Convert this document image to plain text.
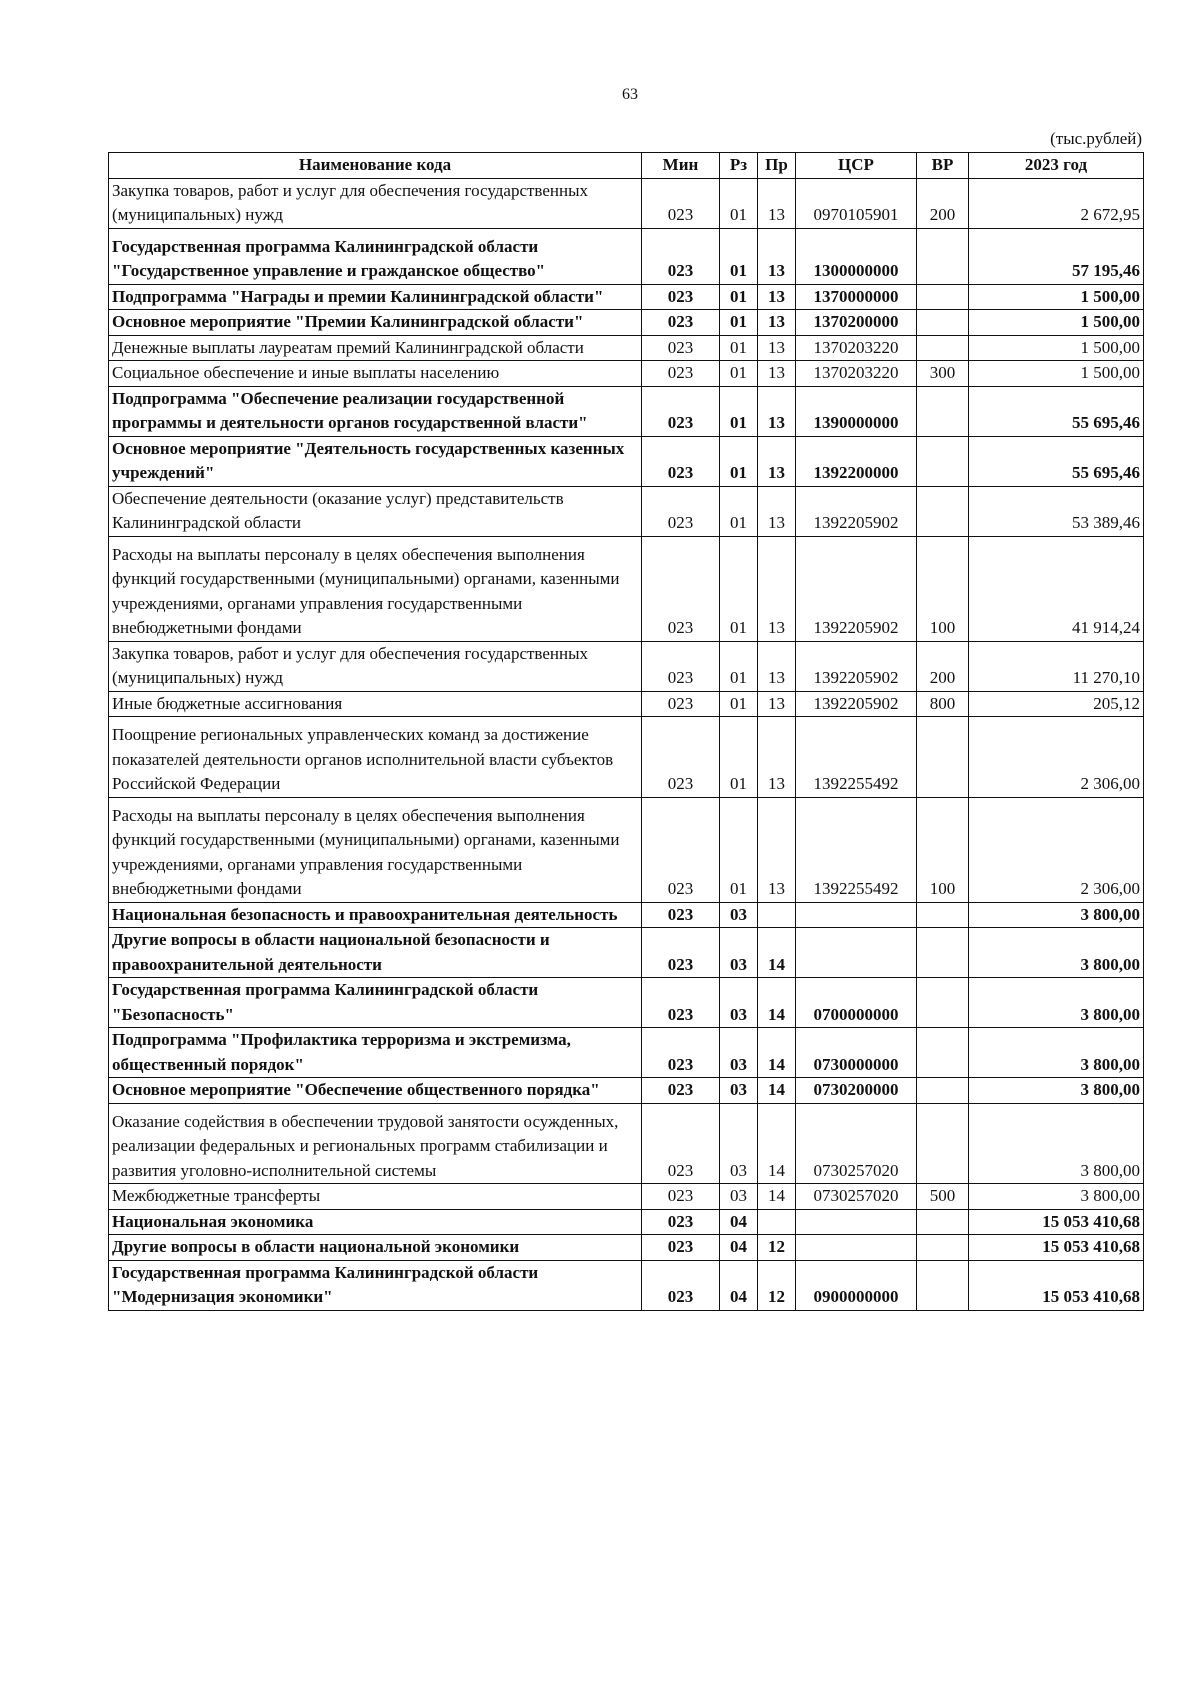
63
(тыс.рублей)
Наименование кода	Мин	Рз	Пр	ЦСР	ВР	2023 год
Закупка товаров, работ и услуг для обеспечения государственных (муниципальных) нужд	023	01	13	0970105901	200	2 672,95
Государственная программа Калининградской области "Государственное управление и гражданское общество"	023	01	13	1300000000		57 195,46
Подпрограмма "Награды и премии Калининградской области"	023	01	13	1370000000		1 500,00
Основное мероприятие "Премии Калининградской области"	023	01	13	1370200000		1 500,00
Денежные выплаты лауреатам премий Калининградской области	023	01	13	1370203220		1 500,00
Социальное обеспечение и иные выплаты населению	023	01	13	1370203220	300	1 500,00
Подпрограмма "Обеспечение реализации государственной программы и деятельности органов государственной власти"	023	01	13	1390000000		55 695,46
Основное мероприятие "Деятельность государственных казенных учреждений"	023	01	13	1392200000		55 695,46
Обеспечение деятельности (оказание услуг) представительств Калининградской области	023	01	13	1392205902		53 389,46
Расходы на выплаты персоналу в целях обеспечения выполнения функций государственными (муниципальными) органами, казенными учреждениями, органами управления государственными внебюджетными фондами	023	01	13	1392205902	100	41 914,24
Закупка товаров, работ и услуг для обеспечения государственных (муниципальных) нужд	023	01	13	1392205902	200	11 270,10
Иные бюджетные ассигнования	023	01	13	1392205902	800	205,12
Поощрение региональных управленческих команд за достижение показателей деятельности органов исполнительной власти субъектов Российской Федерации	023	01	13	1392255492		2 306,00
Расходы на выплаты персоналу в целях обеспечения выполнения функций государственными (муниципальными) органами, казенными учреждениями, органами управления государственными внебюджетными фондами	023	01	13	1392255492	100	2 306,00
Национальная безопасность и правоохранительная деятельность	023	03				3 800,00
Другие вопросы в области национальной безопасности и правоохранительной деятельности	023	03	14			3 800,00
Государственная программа Калининградской области "Безопасность"	023	03	14	0700000000		3 800,00
Подпрограмма "Профилактика терроризма и экстремизма, общественный порядок"	023	03	14	0730000000		3 800,00
Основное мероприятие "Обеспечение общественного порядка"	023	03	14	0730200000		3 800,00
Оказание содействия в обеспечении трудовой занятости осужденных, реализации федеральных и региональных программ стабилизации и развития уголовно-исполнительной системы	023	03	14	0730257020		3 800,00
Межбюджетные трансферты	023	03	14	0730257020	500	3 800,00
Национальная экономика	023	04				15 053 410,68
Другие вопросы в области национальной экономики	023	04	12			15 053 410,68
Государственная программа Калининградской области "Модернизация экономики"	023	04	12	0900000000		15 053 410,68
